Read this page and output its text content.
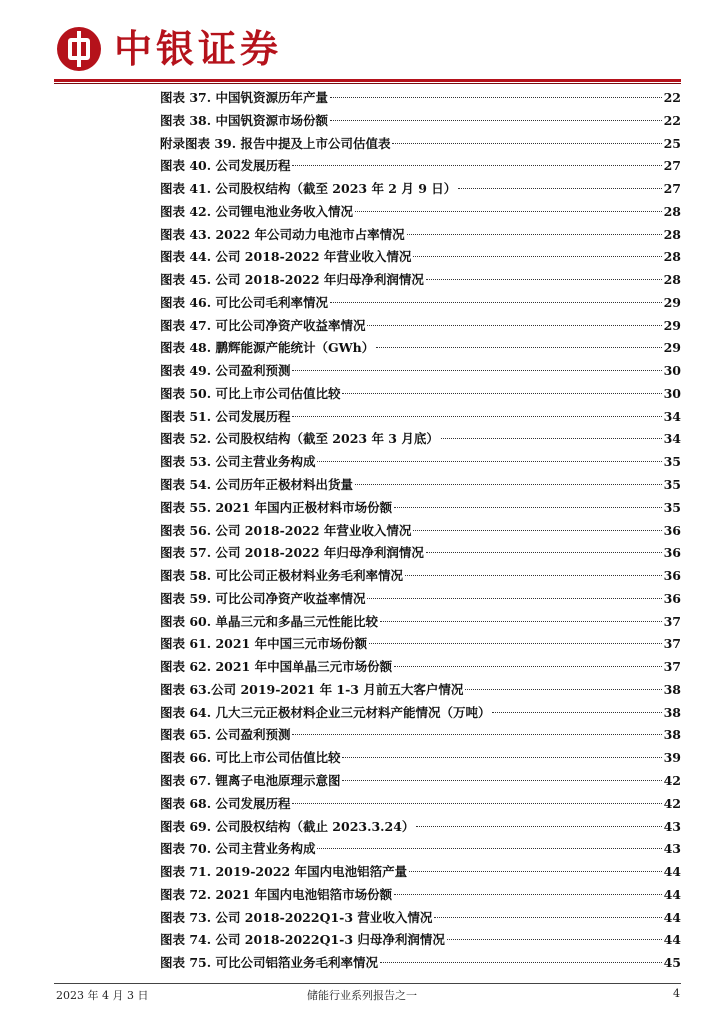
中银证券
图表 37. 中国钒资源历年产量	22
图表 38. 中国钒资源市场份额	22
附录图表 39. 报告中提及上市公司估值表	25
图表 40. 公司发展历程	27
图表 41. 公司股权结构（截至 2023 年 2 月 9 日）	27
图表 42. 公司锂电池业务收入情况	28
图表 43. 2022 年公司动力电池市占率情况	28
图表 44. 公司 2018-2022 年营业收入情况	28
图表 45. 公司 2018-2022 年归母净利润情况	28
图表 46. 可比公司毛利率情况	29
图表 47. 可比公司净资产收益率情况	29
图表 48. 鹏辉能源产能统计（GWh）	29
图表 49. 公司盈利预测	30
图表 50. 可比上市公司估值比较	30
图表 51. 公司发展历程	34
图表 52. 公司股权结构（截至 2023 年 3 月底）	34
图表 53. 公司主营业务构成	35
图表 54. 公司历年正极材料出货量	35
图表 55. 2021 年国内正极材料市场份额	35
图表 56. 公司 2018-2022 年营业收入情况	36
图表 57. 公司 2018-2022 年归母净利润情况	36
图表 58. 可比公司正极材料业务毛利率情况	36
图表 59. 可比公司净资产收益率情况	36
图表 60. 单晶三元和多晶三元性能比较	37
图表 61. 2021 年中国三元市场份额	37
图表 62. 2021 年中国单晶三元市场份额	37
图表 63.公司 2019-2021 年 1-3 月前五大客户情况	38
图表 64. 几大三元正极材料企业三元材料产能情况（万吨）	38
图表 65. 公司盈利预测	38
图表 66. 可比上市公司估值比较	39
图表 67. 锂离子电池原理示意图	42
图表 68. 公司发展历程	42
图表 69. 公司股权结构（截止 2023.3.24）	43
图表 70. 公司主营业务构成	43
图表 71. 2019-2022 年国内电池铝箔产量	44
图表 72. 2021 年国内电池铝箔市场份额	44
图表 73. 公司 2018-2022Q1-3 营业收入情况	44
图表 74. 公司 2018-2022Q1-3 归母净利润情况	44
图表 75. 可比公司铝箔业务毛利率情况	45
2023 年 4 月 3 日	储能行业系列报告之一	4
